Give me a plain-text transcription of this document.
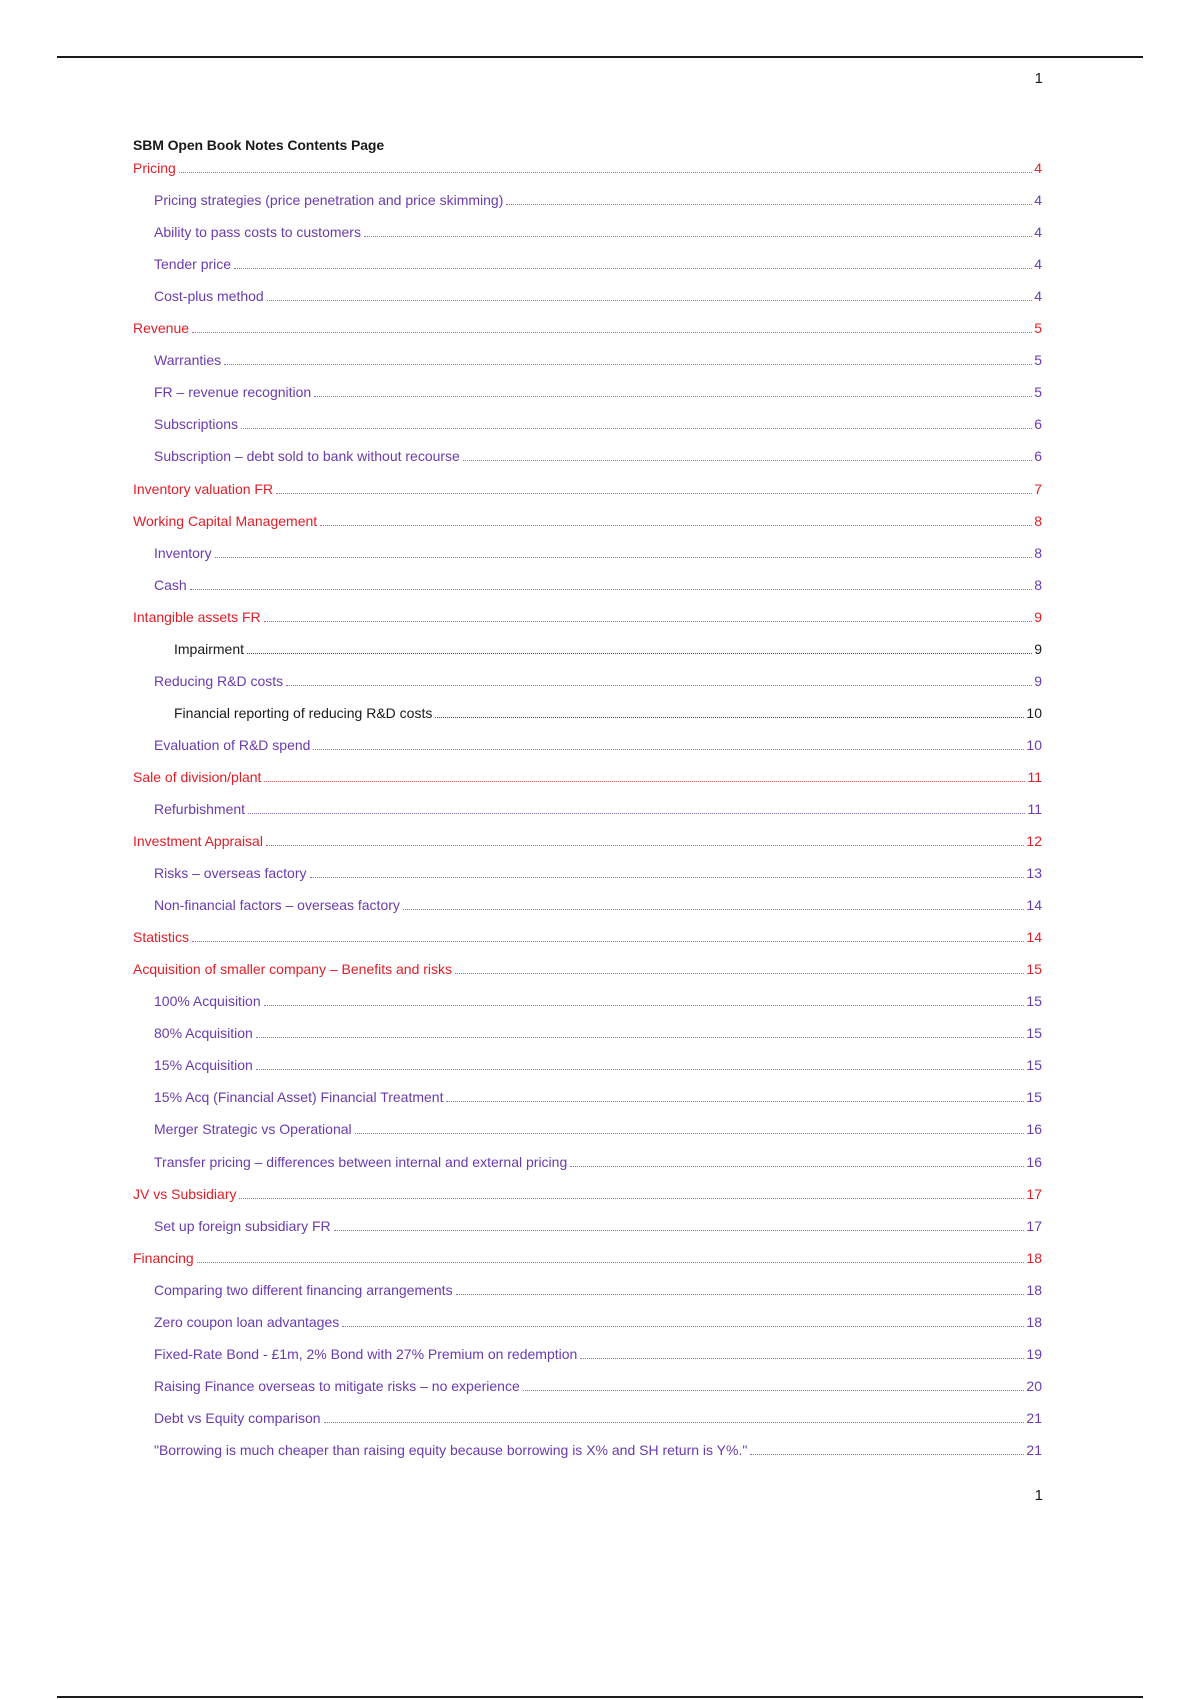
1
SBM Open Book Notes Contents Page
Pricing	4
Pricing strategies (price penetration and price skimming)	4
Ability to pass costs to customers	4
Tender price	4
Cost-plus method	4
Revenue	5
Warranties	5
FR – revenue recognition	5
Subscriptions	6
Subscription – debt sold to bank without recourse	6
Inventory valuation FR	7
Working Capital Management	8
Inventory	8
Cash	8
Intangible assets FR	9
Impairment	9
Reducing R&D costs	9
Financial reporting of reducing R&D costs	10
Evaluation of R&D spend	10
Sale of division/plant	11
Refurbishment	11
Investment Appraisal	12
Risks – overseas factory	13
Non-financial factors – overseas factory	14
Statistics	14
Acquisition of smaller company – Benefits and risks	15
100% Acquisition	15
80% Acquisition	15
15% Acquisition	15
15% Acq (Financial Asset) Financial Treatment	15
Merger Strategic vs Operational	16
Transfer pricing – differences between internal and external pricing	16
JV vs Subsidiary	17
Set up foreign subsidiary FR	17
Financing	18
Comparing two different financing arrangements	18
Zero coupon loan advantages	18
Fixed-Rate Bond - £1m, 2% Bond with 27% Premium on redemption	19
Raising Finance overseas to mitigate risks – no experience	20
Debt vs Equity comparison	21
"Borrowing is much cheaper than raising equity because borrowing is X% and SH return is Y%."	21
1
